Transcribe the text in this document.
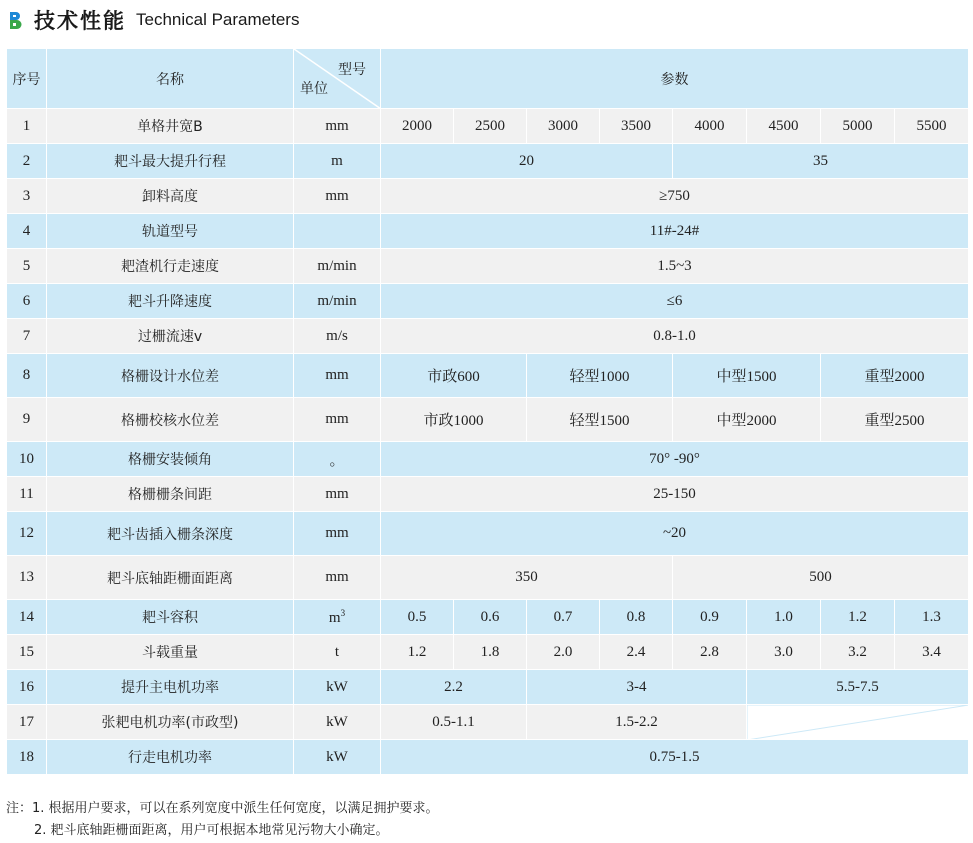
技术性能 Technical Parameters
序号	名称	型号
单位	参数							
1	单格井宽B	mm	2000	2500	3000	3500	4000	4500	5000	5500
2	耙斗最大提升行程	m	20				35			
3	卸料高度	mm	≥750							
4	轨道型号		11#-24#							
5	耙渣机行走速度	m/min	1.5~3							
6	耙斗升降速度	m/min	≤6							
7	过栅流速v	m/s	0.8-1.0							
8	格栅设计水位差	mm	市政600		轻型1000		中型1500		重型2000	
9	格栅校核水位差	mm	市政1000		轻型1500		中型2000		重型2500	
10	格栅安装倾角	。	70° -90°							
11	格栅栅条间距	mm	25-150							
12	耙斗齿插入栅条深度	mm	~20							
13	耙斗底轴距栅面距离	mm	350				500			
14	耙斗容积	$m^3$	0.5	0.6	0.7	0.8	0.9	1.0	1.2	1.3
15	斗载重量	t	1.2	1.8	2.0	2.4	2.8	3.0	3.2	3.4
16	提升主电机功率	kW	2.2		3-4			5.5-7.5		
17	张耙电机功率(市政型)	kW	0.5-1.1		1.5-2.2	

18	行走电机功率	kW	0.75-1.5							
注：1. 根据用户要求，可以在系列宽度中派生任何宽度，以满足拥护要求。
2. 耙斗底轴距栅面距离，用户可根据本地常见污物大小确定。
